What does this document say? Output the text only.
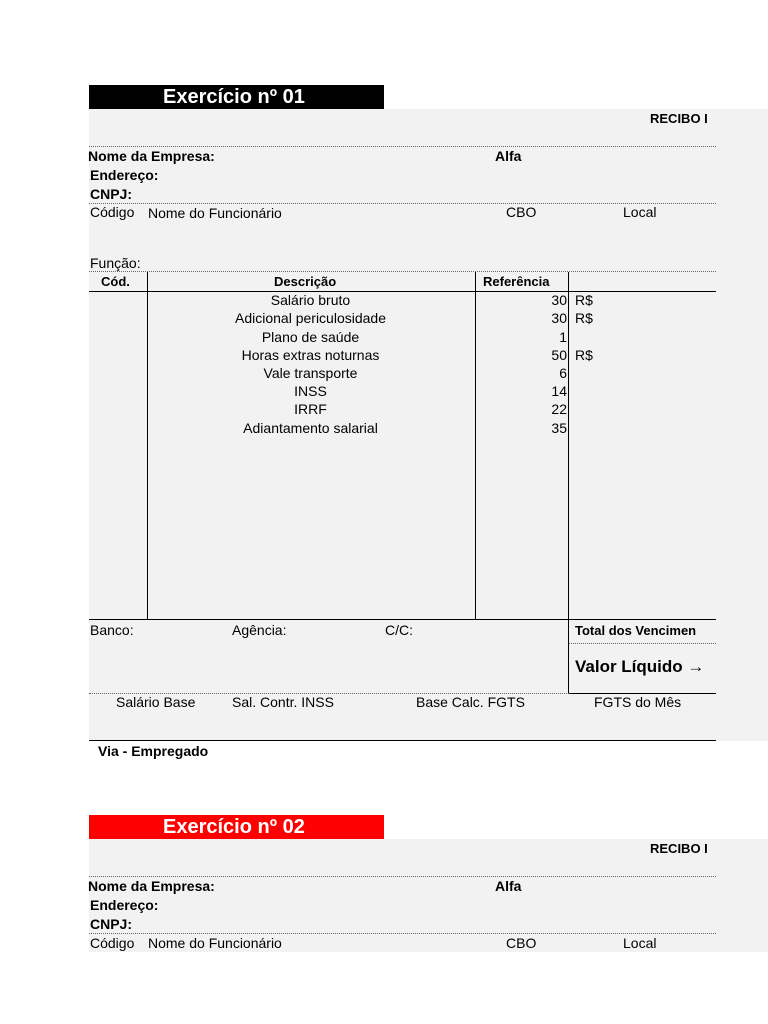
Exercício nº 01
RECIBO I
Nome da Empresa:	Alfa
Endereço:
CNPJ:
Código Nome do Funcionário	CBO	Local
Função:
Cód.	Descrição	Referência
Salário bruto	30 R$
Adicional periculosidade	30 R$
Plano de saúde	1
Horas extras noturnas	50 R$
Vale transporte	6
INSS	14
IRRF	22
Adiantamento salarial	35
Banco:	Agência:	C/C:	Total dos Vencimen
Valor Líquido →
Salário Base	Sal. Contr. INSS	Base Calc. FGTS	FGTS do Mês
Via - Empregado
Exercício nº 02
RECIBO I
Nome da Empresa:	Alfa
Endereço:
CNPJ:
Código Nome do Funcionário	CBO	Local
